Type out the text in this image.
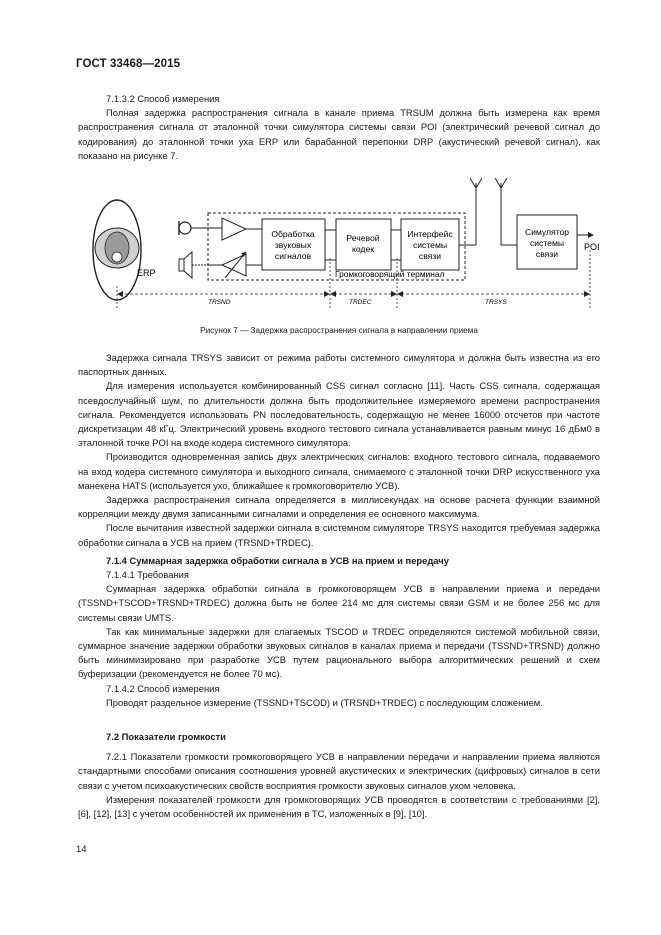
ГОСТ 33468—2015

7.1.3.2 Способ измерения

Полная задержка распространения сигнала в канале приема TRSUM должна быть измерена как время распространения сигнала от эталонной точки симулятора системы связи POI (электрический речевой сигнал до кодирования) до эталонной точки уха ERP или барабанной перепонки DRP (акустический речевой сигнал), как показано на рисунке 7.

ERP
Обработка звуковых сигналов
Речевой кодек
Интерфейс системы связи
Громкоговорящий терминал
Симулятор системы связи
POI
TRSND	TRDEC	TRSYS
Рисунок 7 — Задержка распространения сигнала в направлении приема

Задержка сигнала TRSYS зависит от режима работы системного симулятора и должна быть известна из его паспортных данных.

Для измерения используется комбинированный CSS сигнал согласно [11]. Часть CSS сигнала, содержащая псевдослучайный шум, по длительности должна быть продолжительнее измеряемого времени распространения сигнала. Рекомендуется использовать PN последовательность, содержащую не менее 16000 отсчетов при частоте дискретизации 48 кГц. Электрический уровень входного тестового сигнала устанавливается равным минус 16 дБм0 в эталонной точке POI на входе кодера системного симулятора.

Производится одновременная запись двух электрических сигналов: входного тестового сигнала, подаваемого на вход кодера системного симулятора и выходного сигнала, снимаемого с эталонной точки DRP искусственного уха манекена HATS (используется ухо, ближайшее к громкоговорителю УСВ).

Задержка распространения сигнала определяется в миллисекундах на основе расчета функции взаимной корреляции между двумя записанными сигналами и определения ее основного максимума.

После вычитания известной задержки сигнала в системном симуляторе TRSYS находится требуемая задержка обработки сигнала в УСВ на прием (TRSND+TRDEC).

7.1.4 Суммарная задержка обработки сигнала в УСВ на прием и передачу

7.1.4.1 Требования

Суммарная задержка обработки сигнала в громкоговорящем УСВ в направлении приема и передачи (TSSND+TSCOD+TRSND+TRDEC) должна быть не более 214 мс для системы связи GSM и не более 256 мс для системы связи UMTS.

Так как минимальные задержки для слагаемых TSCOD и TRDEC определяются системой мобильной связи, суммарное значение задержки обработки звуковых сигналов в каналах приема и передачи (TSSND+TRSND) должно быть минимизировано при разработке УСВ путем рационального выбора алгоритмических решений и схем буферизации (рекомендуется не более 70 мс).

7.1.4.2 Способ измерения

Проводят раздельное измерение (TSSND+TSCOD) и (TRSND+TRDEC) с последующим сложением.

7.2 Показатели громкости

7.2.1 Показатели громкости громкоговорящего УСВ в направлении передачи и направлении приема являются стандартными способами описания соотношения уровней акустических и электрических (цифровых) сигналов в сети связи с учетом психоакустических свойств восприятия громкости звуковых сигналов ухом человека.

Измерения показателей громкости для громкоговорящих УСВ проводятся в соответствии с требованиями [2], [6], [12], [13] с учетом особенностей их применения в ТС, изложенных в [9], [10].

14
